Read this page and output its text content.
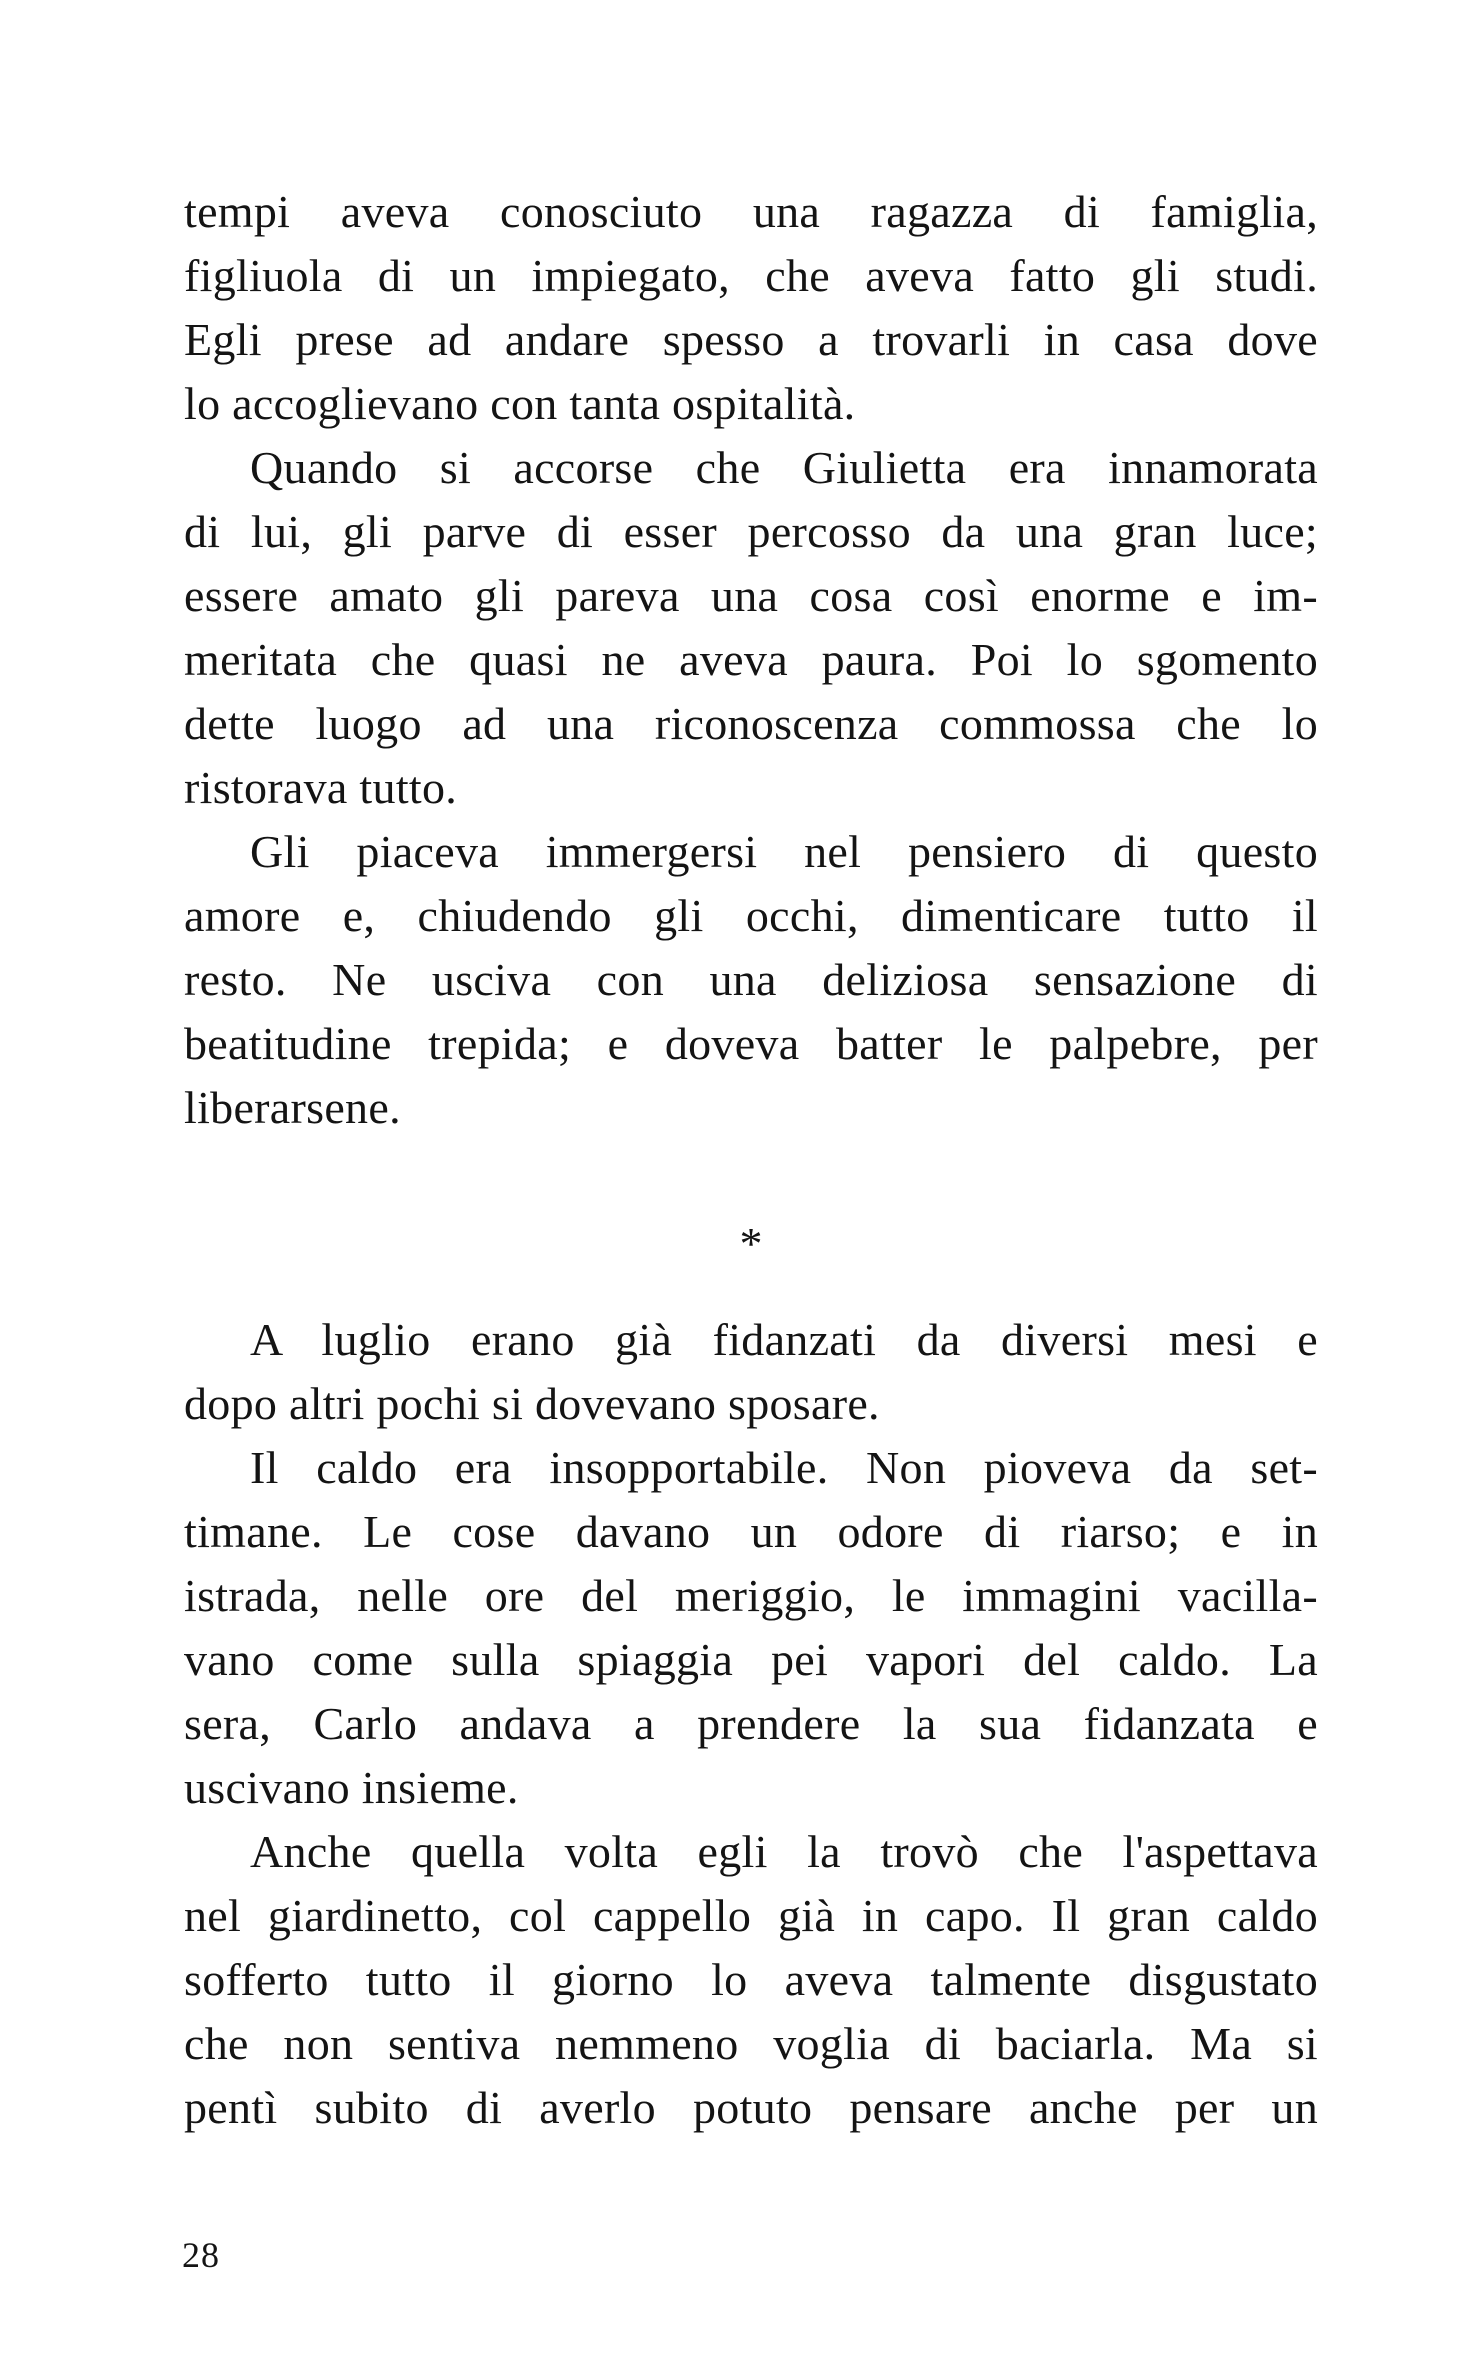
tempi aveva conosciuto una ragazza di famiglia,
figliuola di un impiegato, che aveva fatto gli studi.
Egli prese ad andare spesso a trovarli in casa dove
lo accoglievano con tanta ospitalità.
Quando si accorse che Giulietta era innamorata
di lui, gli parve di esser percosso da una gran luce;
essere amato gli pareva una cosa così enorme e im-
meritata che quasi ne aveva paura. Poi lo sgomento
dette luogo ad una riconoscenza commossa che lo
ristorava tutto.
Gli piaceva immergersi nel pensiero di questo
amore e, chiudendo gli occhi, dimenticare tutto il
resto. Ne usciva con una deliziosa sensazione di
beatitudine trepida; e doveva batter le palpebre, per
liberarsene.
*
A luglio erano già fidanzati da diversi mesi e
dopo altri pochi si dovevano sposare.
Il caldo era insopportabile. Non pioveva da set-
timane. Le cose davano un odore di riarso; e in
istrada, nelle ore del meriggio, le immagini vacilla-
vano come sulla spiaggia pei vapori del caldo. La
sera, Carlo andava a prendere la sua fidanzata e
uscivano insieme.
Anche quella volta egli la trovò che l'aspettava
nel giardinetto, col cappello già in capo. Il gran caldo
sofferto tutto il giorno lo aveva talmente disgustato
che non sentiva nemmeno voglia di baciarla. Ma si
pentì subito di averlo potuto pensare anche per un
28
